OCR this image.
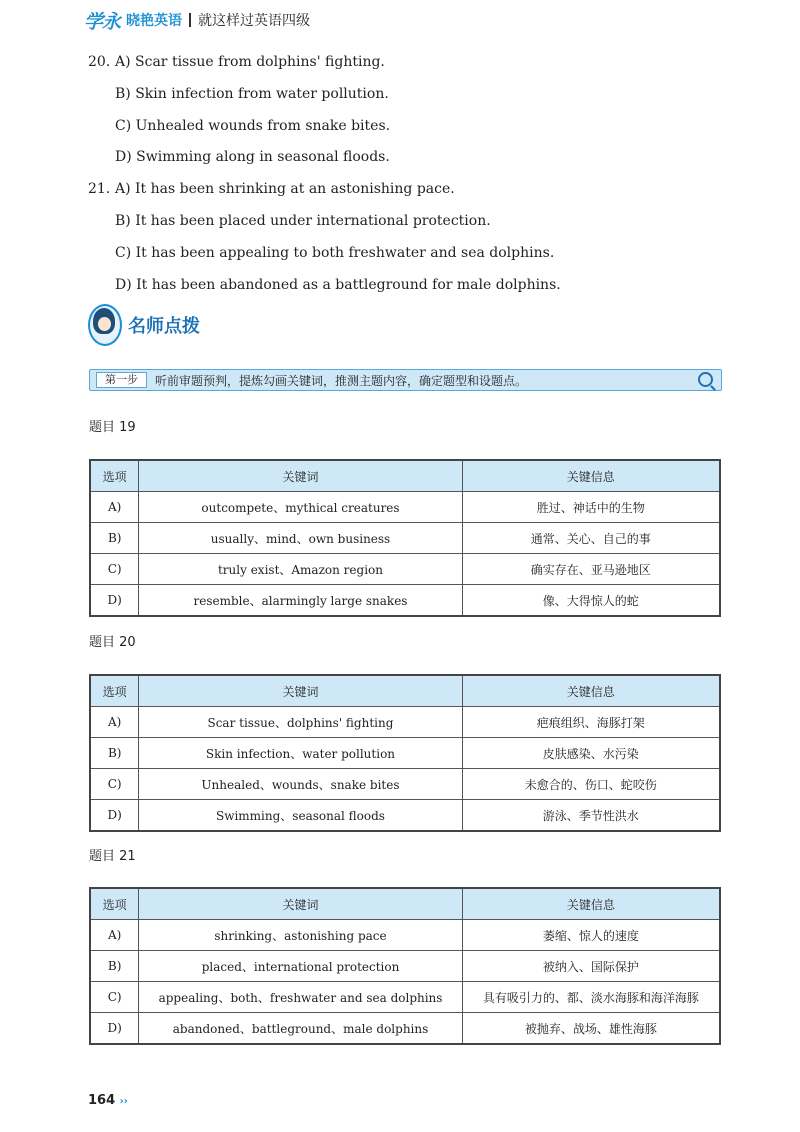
学永 晓艳英语 就这样过英语四级
20. A) Scar tissue from dolphins' fighting.
B) Skin infection from water pollution.
C) Unhealed wounds from snake bites.
D) Swimming along in seasonal floods.
21. A) It has been shrinking at an astonishing pace.
B) It has been placed under international protection.
C) It has been appealing to both freshwater and sea dolphins.
D) It has been abandoned as a battleground for male dolphins.
名师点拨
第一步	听前审题预判，提炼勾画关键词，推测主题内容，确定题型和设题点。
题目 19
选项	关键词	关键信息
A)	outcompete、mythical creatures	胜过、神话中的生物
B)	usually、mind、own business	通常、关心、自己的事
C)	truly exist、Amazon region	确实存在、亚马逊地区
D)	resemble、alarmingly large snakes	像、大得惊人的蛇
题目 20
选项	关键词	关键信息
A)	Scar tissue、dolphins' fighting	疤痕组织、海豚打架
B)	Skin infection、water pollution	皮肤感染、水污染
C)	Unhealed、wounds、snake bites	未愈合的、伤口、蛇咬伤
D)	Swimming、seasonal floods	游泳、季节性洪水
题目 21
选项	关键词	关键信息
A)	shrinking、astonishing pace	萎缩、惊人的速度
B)	placed、international protection	被纳入、国际保护
C)	appealing、both、freshwater and sea dolphins	具有吸引力的、都、淡水海豚和海洋海豚
D)	abandoned、battleground、male dolphins	被抛弃、战场、雄性海豚
164 ››
